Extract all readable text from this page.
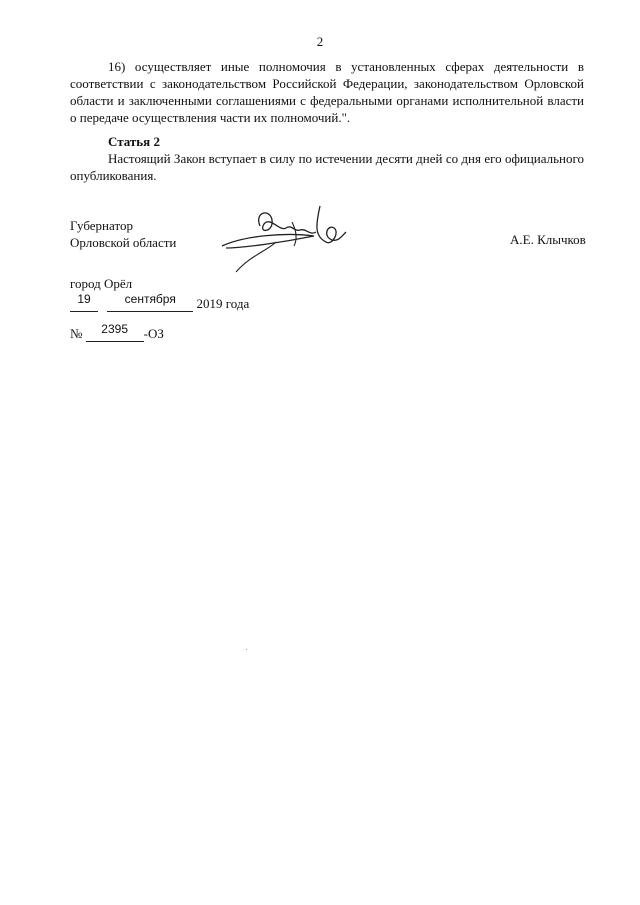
2

16) осуществляет иные полномочия в установленных сферах деятельности в соответствии с законодательством Российской Федерации, законодательством Орловской области и заключенными соглашениями с федеральными органами исполнительной власти о передаче осуществления части их полномочий.".

Статья 2

Настоящий Закон вступает в силу по истечении десяти дней со дня его официального опубликования.

Губернатор
Орловской области	А.Е. Клычков
город Орёл
19	сентября 2019 года
№ 2395 -ОЗ
